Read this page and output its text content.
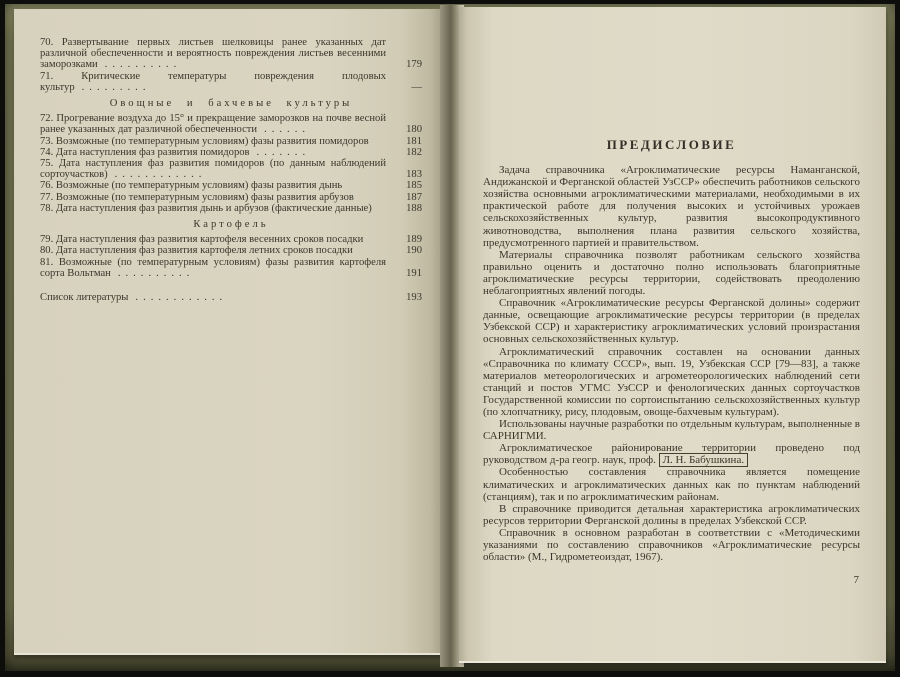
70. Развертывание первых листьев шелковицы ранее указанных дат различной обеспеченности и вероятность повреждения листьев весенними заморозками ..........	179
71.	Критические температуры повреждения плодовых культур .........	—
Овощные и бахчевые культуры
72. Прогревание воздуха до 15° и прекращение заморозков на почве весной ранее указанных дат различной обеспеченности ......	180
73. Возможные (по температурным условиям) фазы развития помидоров	181
74. Дата наступления фаз развития помидоров .......	182
75. Дата наступления фаз развития помидоров (по данным наблюдений сортоучастков) ............	183
76. Возможные (по температурным условиям) фазы развития дынь	185
77. Возможные (по температурным условиям) фазы развития арбузов	187
78. Дата наступления фаз развития дынь и арбузов (фактические данные)	188
Картофель
79. Дата наступления фаз развития картофеля весенних сроков посадки	189
80. Дата наступления фаз развития картофеля летних сроков посадки	190
81. Возможные (по температурным условиям) фазы развития картофеля сорта Вольтман ..........	191
Список литературы ............	193
ПРЕДИСЛОВИЕ

Задача справочника «Агроклиматические ресурсы Наманганской, Андижанской и Ферганской областей УзССР» обеспечить работников сельского хозяйства основными агроклиматическими материалами, необходимыми в их практической работе для получения высоких и устойчивых урожаев сельскохозяйственных культур, развития высокопродуктивного животноводства, выполнения плана развития сельского хозяйства, предусмотренного партией и правительством.

Материалы справочника позволят работникам сельского хозяйства правильно оценить и достаточно полно использовать благоприятные агроклиматические ресурсы территории, содействовать преодолению неблагоприятных явлений погоды.

Справочник «Агроклиматические ресурсы Ферганской долины» содержит данные, освещающие агроклиматические ресурсы территории (в пределах Узбекской ССР) и характеристику агроклиматических условий произрастания основных сельскохозяйственных культур.

Агроклиматический справочник составлен на основании данных «Справочника по климату СССР», вып. 19, Узбекская ССР [79—83], а также материалов метеорологических и агрометеорологических наблюдений сети станций и постов УГМС УзССР и фенологических данных сортоучастков Государственной комиссии по сортоиспытанию сельскохозяйственных культур (по хлопчатнику, рису, плодовым, овоще-бахчевым культурам).

Использованы научные разработки по отдельным культурам, выполненные в САРНИГМИ.

Агроклиматическое районирование территории проведено под руководством д-ра геогр. наук, проф. Л. Н. Бабушкина.

Особенностью составления справочника является помещение климатических и агроклиматических данных как по пунктам наблюдений (станциям), так и по агроклиматическим районам.

В справочнике приводится детальная характеристика агроклиматических ресурсов территории Ферганской долины в пределах Узбекской ССР.

Справочник в основном разработан в соответствии с «Методическими указаниями по составлению справочников «Агроклиматические ресурсы области» (М., Гидрометеоиздат, 1967).

7
